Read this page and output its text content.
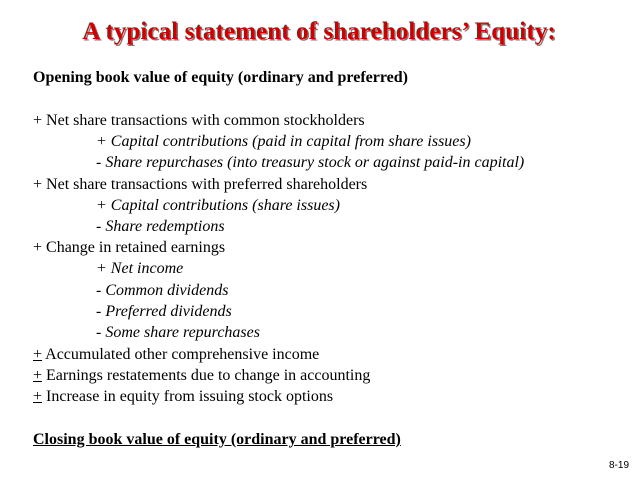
A typical statement of shareholders’ Equity:
Opening book value of equity (ordinary and preferred)
+ Net share transactions with common stockholders
+ Capital contributions (paid in capital from share issues)
- Share repurchases (into treasury stock or against paid-in capital)
+ Net share transactions with preferred shareholders
+ Capital contributions (share issues)
- Share redemptions
+ Change in retained earnings
+ Net income
- Common dividends
- Preferred dividends
- Some share repurchases
+ Accumulated other comprehensive income
+ Earnings restatements due to change in accounting
+ Increase in equity from issuing stock options
Closing book value of equity (ordinary and preferred)
8-19
